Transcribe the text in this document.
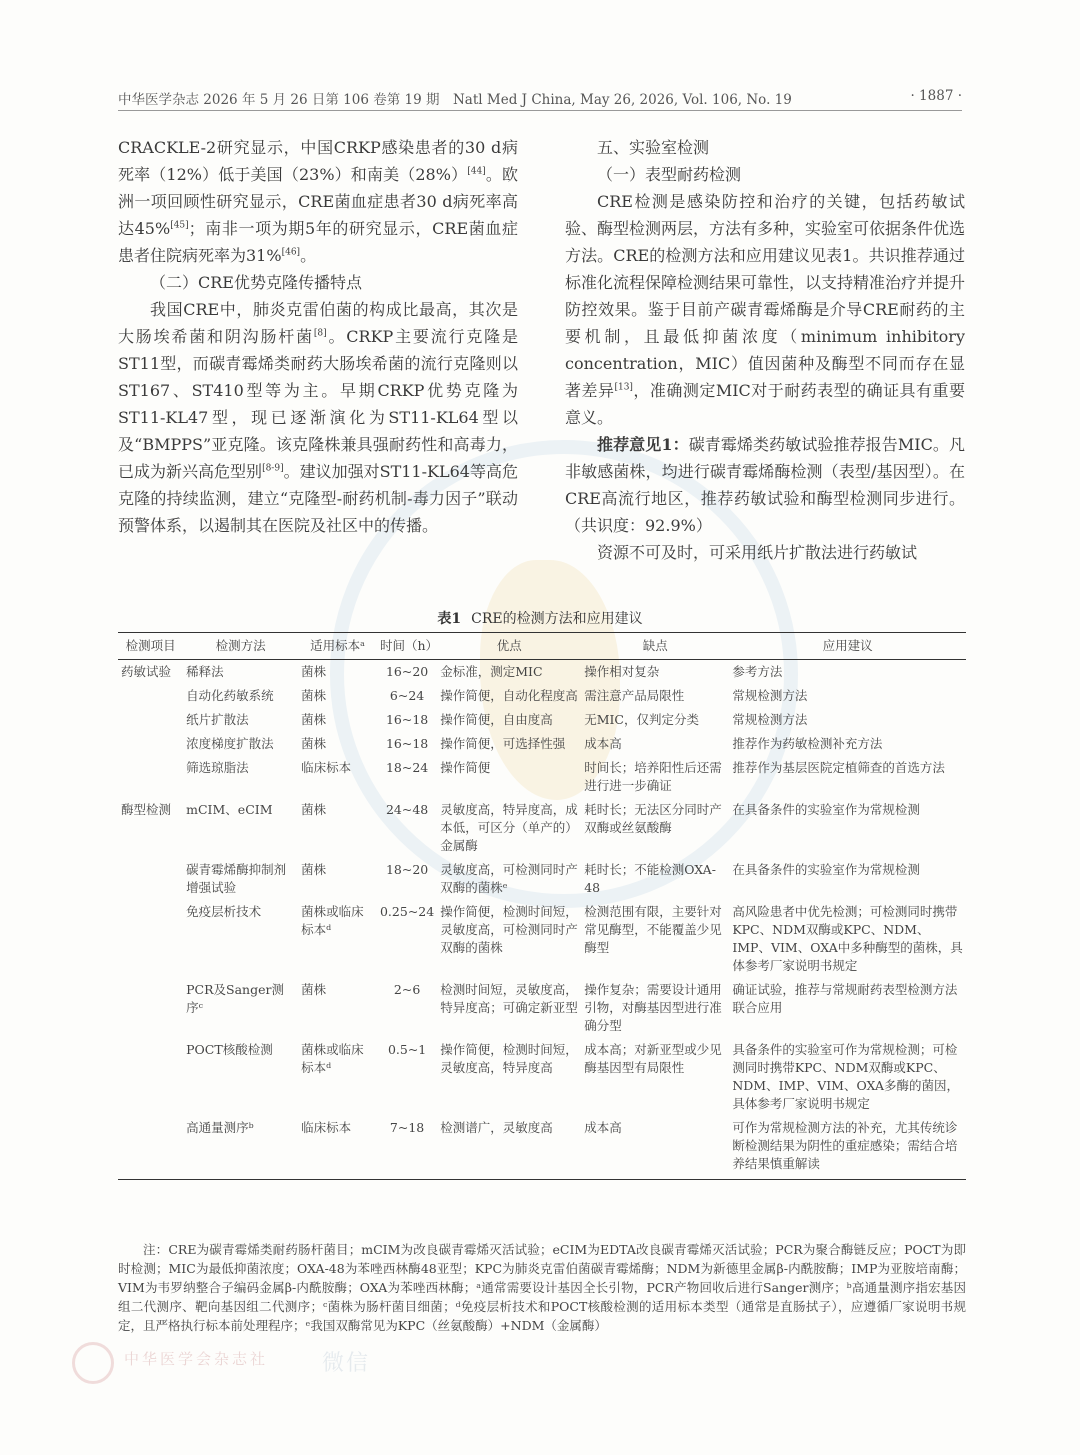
中华医学杂志 2026 年 5 月 26 日第 106 卷第 19 期　Natl Med J China, May 26, 2026, Vol. 106, No. 19	· 1887 ·

CRACKLE-2研究显示，中国CRKP感染患者的30 d病死率（12%）低于美国（23%）和南美（28%）[44]。欧洲一项回顾性研究显示，CRE菌血症患者30 d病死率高达45%[45]；南非一项为期5年的研究显示，CRE菌血症患者住院病死率为31%[46]。

（二）CRE优势克隆传播特点

我国CRE中，肺炎克雷伯菌的构成比最高，其次是大肠埃希菌和阴沟肠杆菌[8]。CRKP主要流行克隆是ST11型，而碳青霉烯类耐药大肠埃希菌的流行克隆则以ST167、ST410型等为主。早期CRKP优势克隆为ST11-KL47型，现已逐渐演化为ST11-KL64型以及“BMPPS”亚克隆。该克隆株兼具强耐药性和高毒力，已成为新兴高危型别[8-9]。建议加强对ST11-KL64等高危克隆的持续监测，建立“克隆型-耐药机制-毒力因子”联动预警体系，以遏制其在医院及社区中的传播。

五、实验室检测
（一）表型耐药检测

CRE检测是感染防控和治疗的关键，包括药敏试验、酶型检测两层，方法有多种，实验室可依据条件优选方法。CRE的检测方法和应用建议见表1。共识推荐通过标准化流程保障检测结果可靠性，以支持精准治疗并提升防控效果。鉴于目前产碳青霉烯酶是介导CRE耐药的主要机制，且最低抑菌浓度（minimum inhibitory concentration，MIC）值因菌种及酶型不同而存在显著差异[13]，准确测定MIC对于耐药表型的确证具有重要意义。

推荐意见1：碳青霉烯类药敏试验推荐报告MIC。凡非敏感菌株，均进行碳青霉烯酶检测（表型/基因型）。在CRE高流行地区，推荐药敏试验和酶型检测同步进行。（共识度：92.9%）

资源不可及时，可采用纸片扩散法进行药敏试

表1 CRE的检测方法和应用建议
检测项目	检测方法	适用标本ᵃ	时间（h）	优点	缺点	应用建议
药敏试验	稀释法	菌株	16~20	金标准，测定MIC	操作相对复杂	参考方法
	自动化药敏系统	菌株	6~24	操作简便，自动化程度高	需注意产品局限性	常规检测方法
	纸片扩散法	菌株	16~18	操作简便，自由度高	无MIC，仅判定分类	常规检测方法
	浓度梯度扩散法	菌株	16~18	操作简便，可选择性强	成本高	推荐作为药敏检测补充方法
	筛选琼脂法	临床标本	18~24	操作简便	时间长；培养阳性后还需进行进一步确证	推荐作为基层医院定植筛查的首选方法
酶型检测	mCIM、eCIM	菌株	24~48	灵敏度高，特异度高，成本低，可区分（单产的）金属酶	耗时长；无法区分同时产双酶或丝氨酸酶	在具备条件的实验室作为常规检测
	碳青霉烯酶抑制剂增强试验	菌株	18~20	灵敏度高，可检测同时产双酶的菌株ᵉ	耗时长；不能检测OXA-48	在具备条件的实验室作为常规检测
	免疫层析技术	菌株或临床标本ᵈ	0.25~24	操作简便，检测时间短，灵敏度高，可检测同时产双酶的菌株	检测范围有限，主要针对常见酶型，不能覆盖少见酶型	高风险患者中优先检测；可检测同时携带KPC、NDM双酶或KPC、NDM、IMP、VIM、OXA中多种酶型的菌株，具体参考厂家说明书规定
	PCR及Sanger测序ᶜ	菌株	2~6	检测时间短，灵敏度高，特异度高；可确定新亚型	操作复杂；需要设计通用引物，对酶基因型进行准确分型	确证试验，推荐与常规耐药表型检测方法联合应用
	POCT核酸检测	菌株或临床标本ᵈ	0.5~1	操作简便，检测时间短，灵敏度高，特异度高	成本高；对新亚型或少见酶基因型有局限性	具备条件的实验室可作为常规检测；可检测同时携带KPC、NDM双酶或KPC、NDM、IMP、VIM、OXA多酶的菌因，具体参考厂家说明书规定
	高通量测序ᵇ	临床标本	7~18	检测谱广，灵敏度高	成本高	可作为常规检测方法的补充，尤其传统诊断检测结果为阴性的重症感染；需结合培养结果慎重解读
注：CRE为碳青霉烯类耐药肠杆菌目；mCIM为改良碳青霉烯灭活试验；eCIM为EDTA改良碳青霉烯灭活试验；PCR为聚合酶链反应；POCT为即时检测；MIC为最低抑菌浓度；OXA-48为苯唑西林酶48亚型；KPC为肺炎克雷伯菌碳青霉烯酶；NDM为新德里金属β-内酰胺酶；IMP为亚胺培南酶；VIM为韦罗纳整合子编码金属β-内酰胺酶；OXA为苯唑西林酶；ᵃ通常需要设计基因全长引物，PCR产物回收后进行Sanger测序；ᵇ高通量测序指宏基因组二代测序、靶向基因组二代测序；ᶜ菌株为肠杆菌目细菌；ᵈ免疫层析技术和POCT核酸检测的适用标本类型（通常是直肠拭子），应遵循厂家说明书规定，且严格执行标本前处理程序；ᵉ我国双酶常见为KPC（丝氨酸酶）+NDM（金属酶）
中华医学会杂志社 微信
